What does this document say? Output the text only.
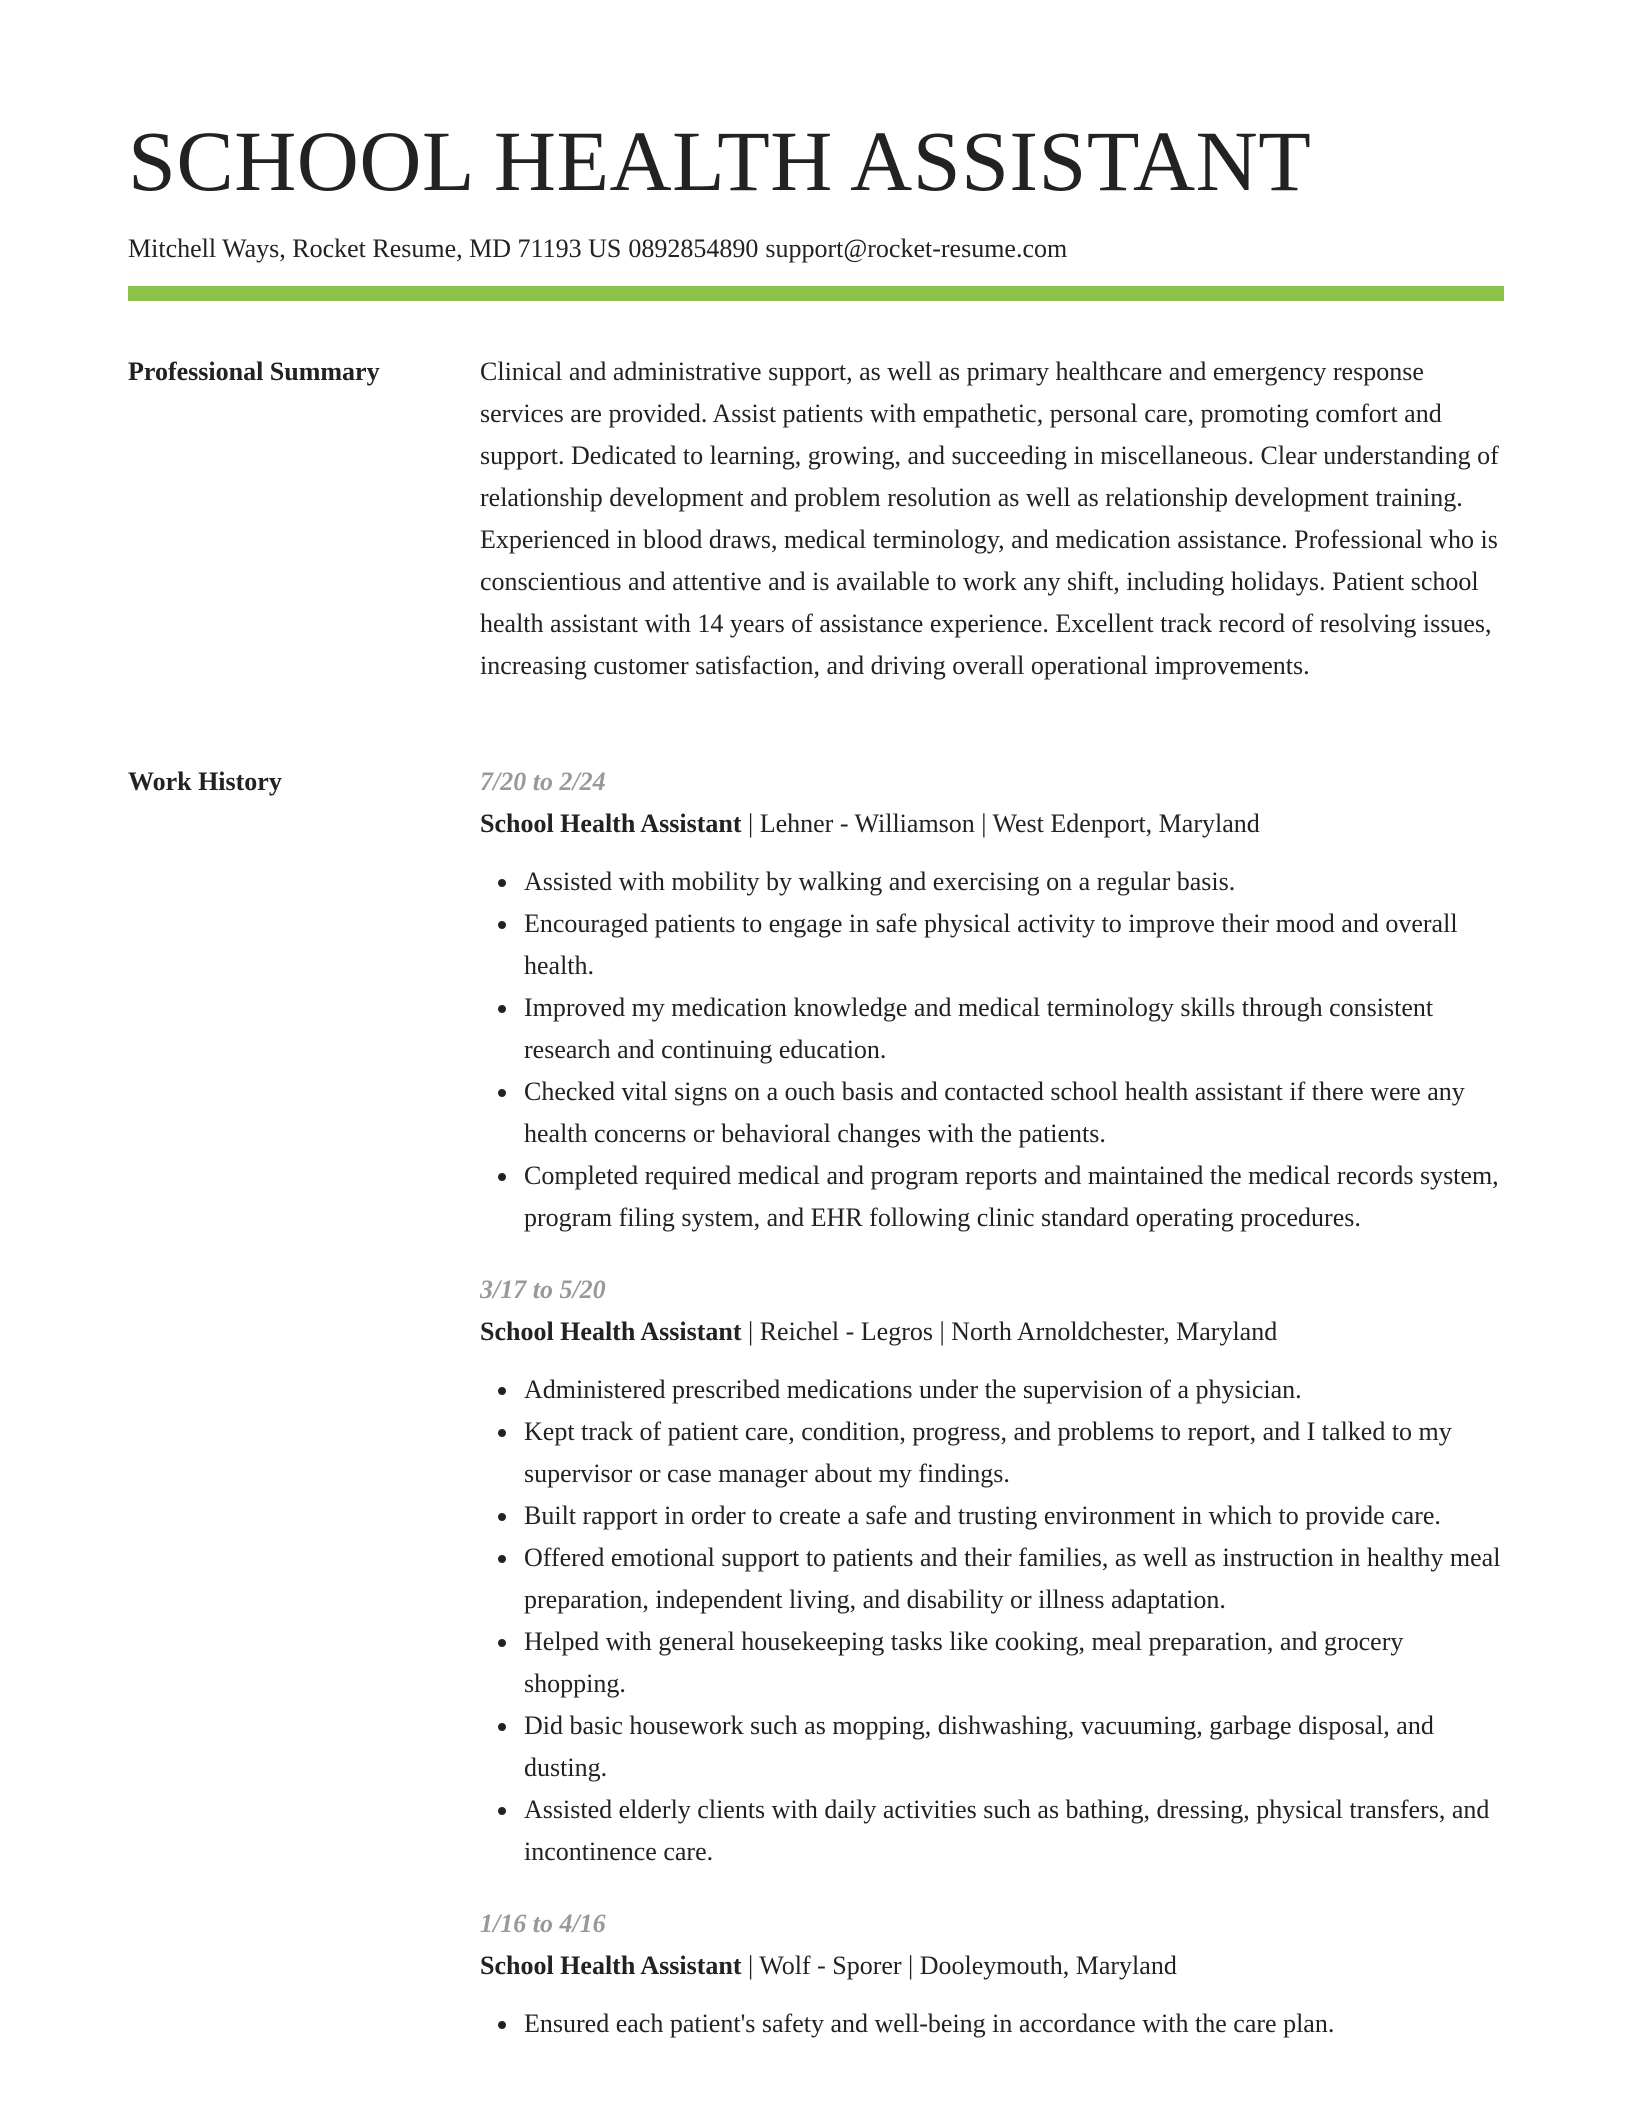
SCHOOL HEALTH ASSISTANT
Mitchell Ways, Rocket Resume, MD 71193 US 0892854890 support@rocket-resume.com
Professional Summary	Clinical and administrative support, as well as primary healthcare and emergency response services are provided. Assist patients with empathetic, personal care, promoting comfort and support. Dedicated to learning, growing, and succeeding in miscellaneous. Clear understanding of relationship development and problem resolution as well as relationship development training. Experienced in blood draws, medical terminology, and medication assistance. Professional who is conscientious and attentive and is available to work any shift, including holidays. Patient school health assistant with 14 years of assistance experience. Excellent track record of resolving issues, increasing customer satisfaction, and driving overall operational improvements.

Work History	7/20 to 2/24

School Health Assistant | Lehner - Williamson | West Edenport, Maryland

Assisted with mobility by walking and exercising on a regular basis.
Encouraged patients to engage in safe physical activity to improve their mood and overall health.
Improved my medication knowledge and medical terminology skills through consistent research and continuing education.
Checked vital signs on a ouch basis and contacted school health assistant if there were any health concerns or behavioral changes with the patients.
Completed required medical and program reports and maintained the medical records system, program filing system, and EHR following clinic standard operating procedures.

3/17 to 5/20

School Health Assistant | Reichel - Legros | North Arnoldchester, Maryland

Administered prescribed medications under the supervision of a physician.
Kept track of patient care, condition, progress, and problems to report, and I talked to my supervisor or case manager about my findings.
Built rapport in order to create a safe and trusting environment in which to provide care.
Offered emotional support to patients and their families, as well as instruction in healthy meal preparation, independent living, and disability or illness adaptation.
Helped with general housekeeping tasks like cooking, meal preparation, and grocery shopping.
Did basic housework such as mopping, dishwashing, vacuuming, garbage disposal, and dusting.
Assisted elderly clients with daily activities such as bathing, dressing, physical transfers, and incontinence care.

1/16 to 4/16

School Health Assistant | Wolf - Sporer | Dooleymouth, Maryland

Ensured each patient's safety and well-being in accordance with the care plan.
